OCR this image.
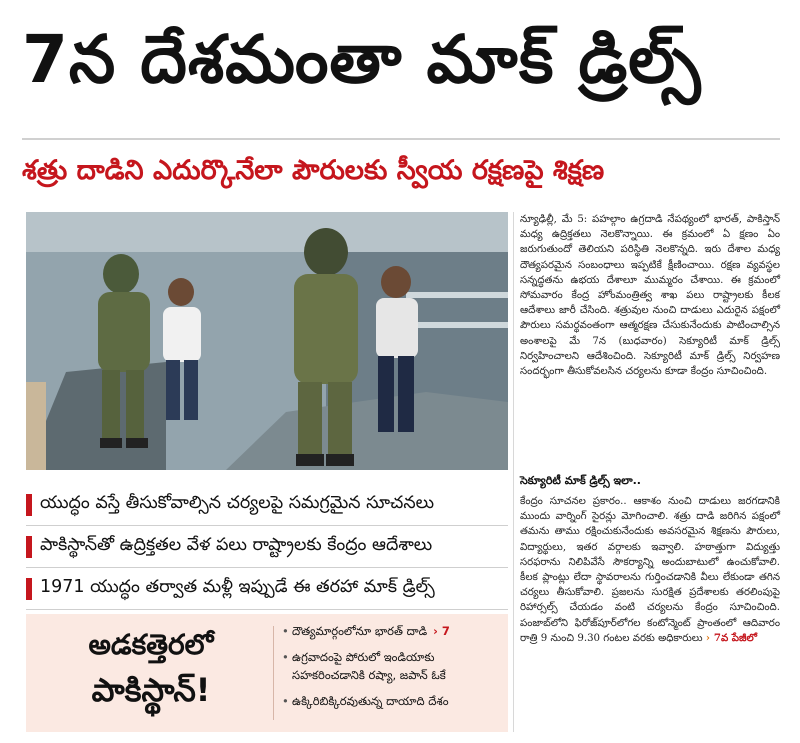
7న దేశమంతా మాక్ డ్రిల్స్
శత్రు దాడిని ఎదుర్కొనేలా పౌరులకు స్వీయ రక్షణపై శిక్షణ
న్యూఢిల్లీ, మే 5: పహల్గాం ఉగ్రదాడి నేపథ్యంలో భారత్, పాకిస్తాన్ మధ్య ఉద్రిక్తతలు నెలకొన్నాయి. ఈ క్రమంలో ఏ క్షణం ఏం జరుగుతుందో తెలియని పరిస్థితి నెలకొన్నది. ఇరు దేశాల మధ్య దౌత్యపరమైన సంబంధాలు ఇప్పటికే క్షీణించాయి. రక్షణ వ్యవస్థల సన్నద్ధతను ఉభయ దేశాలూ ముమ్మరం చేశాయి. ఈ క్రమంలో సోమవారం కేంద్ర హోంమంత్రిత్వ శాఖ పలు రాష్ట్రాలకు కీలక ఆదేశాలు జారీ చేసింది. శత్రువుల నుంచి దాడులు ఎదురైన పక్షంలో పౌరులు సమర్థవంతంగా ఆత్మరక్షణ చేసుకునేందుకు పాటించాల్సిన అంశాలపై మే 7న (బుధవారం) సెక్యూరిటీ మాక్ డ్రిల్స్ నిర్వహించాలని ఆదేశించింది. సెక్యూరిటీ మాక్ డ్రిల్స్ నిర్వహణ సందర్భంగా తీసుకోవలసిన చర్యలను కూడా కేంద్రం సూచించింది.
సెక్యూరిటీ మాక్ డ్రిల్స్ ఇలా..
కేంద్రం సూచనల ప్రకారం.. ఆకాశం నుంచి దాడులు జరగడానికి ముందు వార్నింగ్ సైరన్లు మోగించాలి. శత్రు దాడి జరిగిన పక్షంలో తమను తాము రక్షించుకునేందుకు అవసరమైన శిక్షణను పౌరులు, విద్యార్థులు, ఇతర వర్గాలకు ఇవ్వాలి. హఠాత్తుగా విద్యుత్తు సరఫరాను నిలిపివేసే సౌకర్యాన్ని అందుబాటులో ఉంచుకోవాలి. కీలక ప్లాంట్లు లేదా స్థావరాలను గుర్తించడానికి వీలు లేకుండా తగిన చర్యలు తీసుకోవాలి. ప్రజలను సురక్షిత ప్రదేశాలకు తరలింపుపై రిహార్సల్స్ చేయడం వంటి చర్యలను కేంద్రం సూచించింది. పంజాబ్‌లోని ఫిరోజ్‌పూర్‌లోగల కంటోన్మెంట్ ప్రాంతంలో ఆదివారం రాత్రి 9 నుంచి 9.30 గంటల వరకు అధికారులు › 7వ పేజీలో
యుద్ధం వస్తే తీసుకోవాల్సిన చర్యలపై సమగ్రమైన సూచనలు
పాకిస్థాన్‌తో ఉద్రిక్తతల వేళ పలు రాష్ట్రాలకు కేంద్రం ఆదేశాలు
1971 యుద్ధం తర్వాత మళ్లీ ఇప్పుడే ఈ తరహా మాక్ డ్రిల్స్
అడకత్తెరలో
పాకిస్థాన్!
• దౌత్యమార్గంలోనూ భారత్ దాడి › 7
• ఉగ్రవాదంపై పోరులో ఇండియాకు సహకరించడానికి రష్యా, జపాన్ ఓకే
• ఉక్కిరిబిక్కిరవుతున్న దాయాది దేశం
